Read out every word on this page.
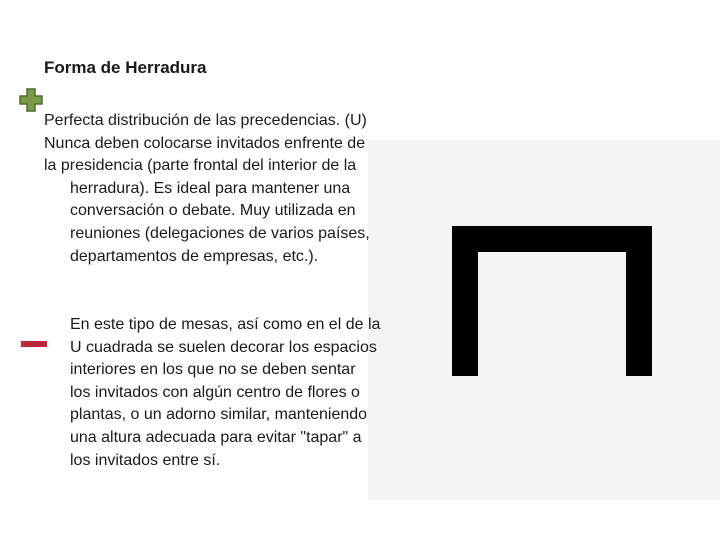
Forma de Herradura
Perfecta distribución de las precedencias. (U)
Nunca deben colocarse invitados enfrente de
la presidencia (parte frontal del interior de la
herradura). Es ideal para mantener una
conversación o debate. Muy utilizada en
reuniones (delegaciones de varios países,
departamentos de empresas, etc.).
En este tipo de mesas, así como en el de la
U cuadrada se suelen decorar los espacios
interiores en los que no se deben sentar
los invitados con algún centro de flores o
plantas, o un adorno similar, manteniendo
una altura adecuada para evitar "tapar" a
los invitados entre sí.
